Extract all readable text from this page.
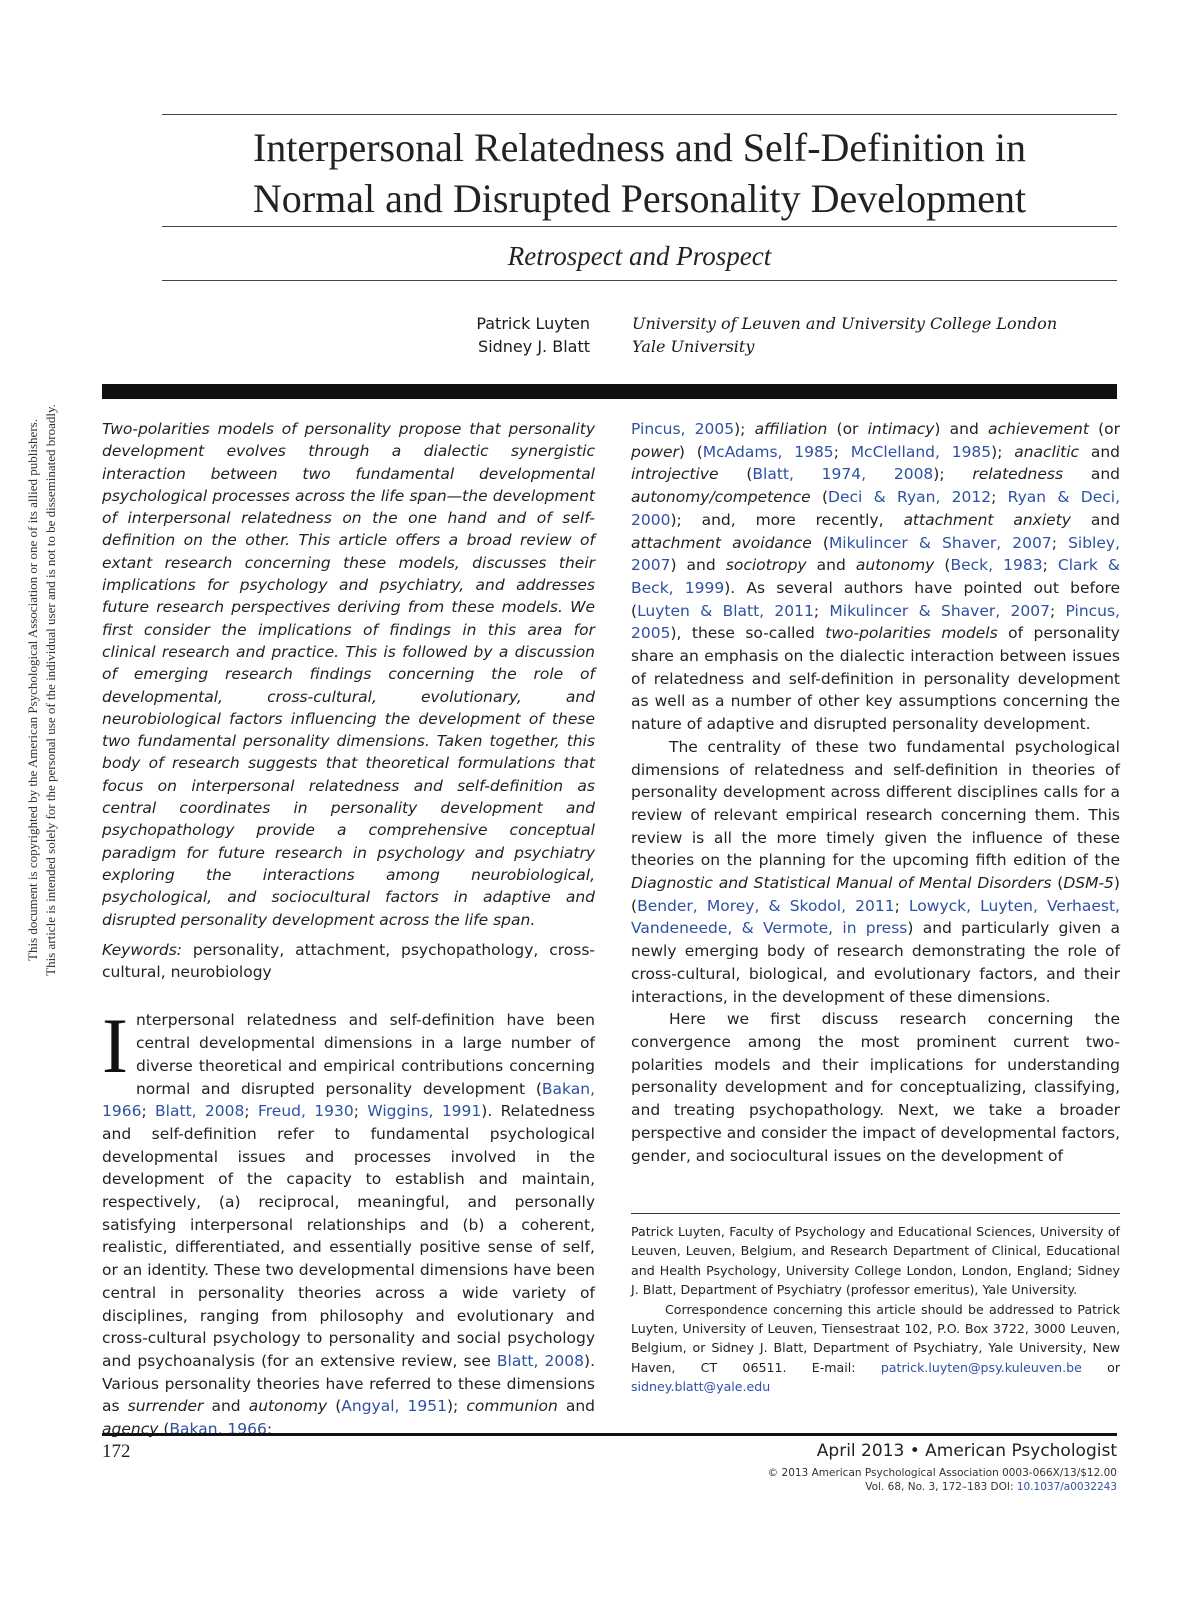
This document is copyrighted by the American Psychological Association or one of its allied publishers. This article is intended solely for the personal use of the individual user and is not to be disseminated broadly.
Interpersonal Relatedness and Self-Definition in
Normal and Disrupted Personality Development
Retrospect and Prospect
Patrick Luyten	University of Leuven and University College London
Sidney J. Blatt	Yale University

Two-polarities models of personality propose that personality development evolves through a dialectic synergistic interaction between two fundamental developmental psychological processes across the life span—the development of interpersonal relatedness on the one hand and of self-definition on the other. This article offers a broad review of extant research concerning these models, discusses their implications for psychology and psychiatry, and addresses future research perspectives deriving from these models. We first consider the implications of findings in this area for clinical research and practice. This is followed by a discussion of emerging research findings concerning the role of developmental, cross-cultural, evolutionary, and neurobiological factors influencing the development of these two fundamental personality dimensions. Taken together, this body of research suggests that theoretical formulations that focus on interpersonal relatedness and self-definition as central coordinates in personality development and psychopathology provide a comprehensive conceptual paradigm for future research in psychology and psychiatry exploring the interactions among neurobiological, psychological, and sociocultural factors in adaptive and disrupted personality development across the life span.

Keywords: personality, attachment, psychopathology, cross-cultural, neurobiology

Interpersonal relatedness and self-definition have been central developmental dimensions in a large number of diverse theoretical and empirical contributions concerning normal and disrupted personality development (Bakan, 1966; Blatt, 2008; Freud, 1930; Wiggins, 1991). Relatedness and self-definition refer to fundamental psychological developmental issues and processes involved in the development of the capacity to establish and maintain, respectively, (a) reciprocal, meaningful, and personally satisfying interpersonal relationships and (b) a coherent, realistic, differentiated, and essentially positive sense of self, or an identity. These two developmental dimensions have been central in personality theories across a wide variety of disciplines, ranging from philosophy and evolutionary and cross-cultural psychology to personality and social psychology and psychoanalysis (for an extensive review, see Blatt, 2008). Various personality theories have referred to these dimensions as surrender and autonomy (Angyal, 1951); communion and agency (Bakan, 1966;

Pincus, 2005); affiliation (or intimacy) and achievement (or power) (McAdams, 1985; McClelland, 1985); anaclitic and introjective (Blatt, 1974, 2008); relatedness and autonomy/competence (Deci & Ryan, 2012; Ryan & Deci, 2000); and, more recently, attachment anxiety and attachment avoidance (Mikulincer & Shaver, 2007; Sibley, 2007) and sociotropy and autonomy (Beck, 1983; Clark & Beck, 1999). As several authors have pointed out before (Luyten & Blatt, 2011; Mikulincer & Shaver, 2007; Pincus, 2005), these so-called two-polarities models of personality share an emphasis on the dialectic interaction between issues of relatedness and self-definition in personality development as well as a number of other key assumptions concerning the nature of adaptive and disrupted personality development.

The centrality of these two fundamental psychological dimensions of relatedness and self-definition in theories of personality development across different disciplines calls for a review of relevant empirical research concerning them. This review is all the more timely given the influence of these theories on the planning for the upcoming fifth edition of the Diagnostic and Statistical Manual of Mental Disorders (DSM-5) (Bender, Morey, & Skodol, 2011; Lowyck, Luyten, Verhaest, Vandeneede, & Vermote, in press) and particularly given a newly emerging body of research demonstrating the role of cross-cultural, biological, and evolutionary factors, and their interactions, in the development of these dimensions.

Here we first discuss research concerning the convergence among the most prominent current two-polarities models and their implications for understanding personality development and for conceptualizing, classifying, and treating psychopathology. Next, we take a broader perspective and consider the impact of developmental factors, gender, and sociocultural issues on the development of

Patrick Luyten, Faculty of Psychology and Educational Sciences, University of Leuven, Leuven, Belgium, and Research Department of Clinical, Educational and Health Psychology, University College London, London, England; Sidney J. Blatt, Department of Psychiatry (professor emeritus), Yale University.

Correspondence concerning this article should be addressed to Patrick Luyten, University of Leuven, Tiensestraat 102, P.O. Box 3722, 3000 Leuven, Belgium, or Sidney J. Blatt, Department of Psychiatry, Yale University, New Haven, CT 06511. E-mail: patrick.luyten@psy.kuleuven.be or sidney.blatt@yale.edu

172	April 2013 • American Psychologist
© 2013 American Psychological Association 0003-066X/13/$12.00
Vol. 68, No. 3, 172–183 DOI: 10.1037/a0032243
